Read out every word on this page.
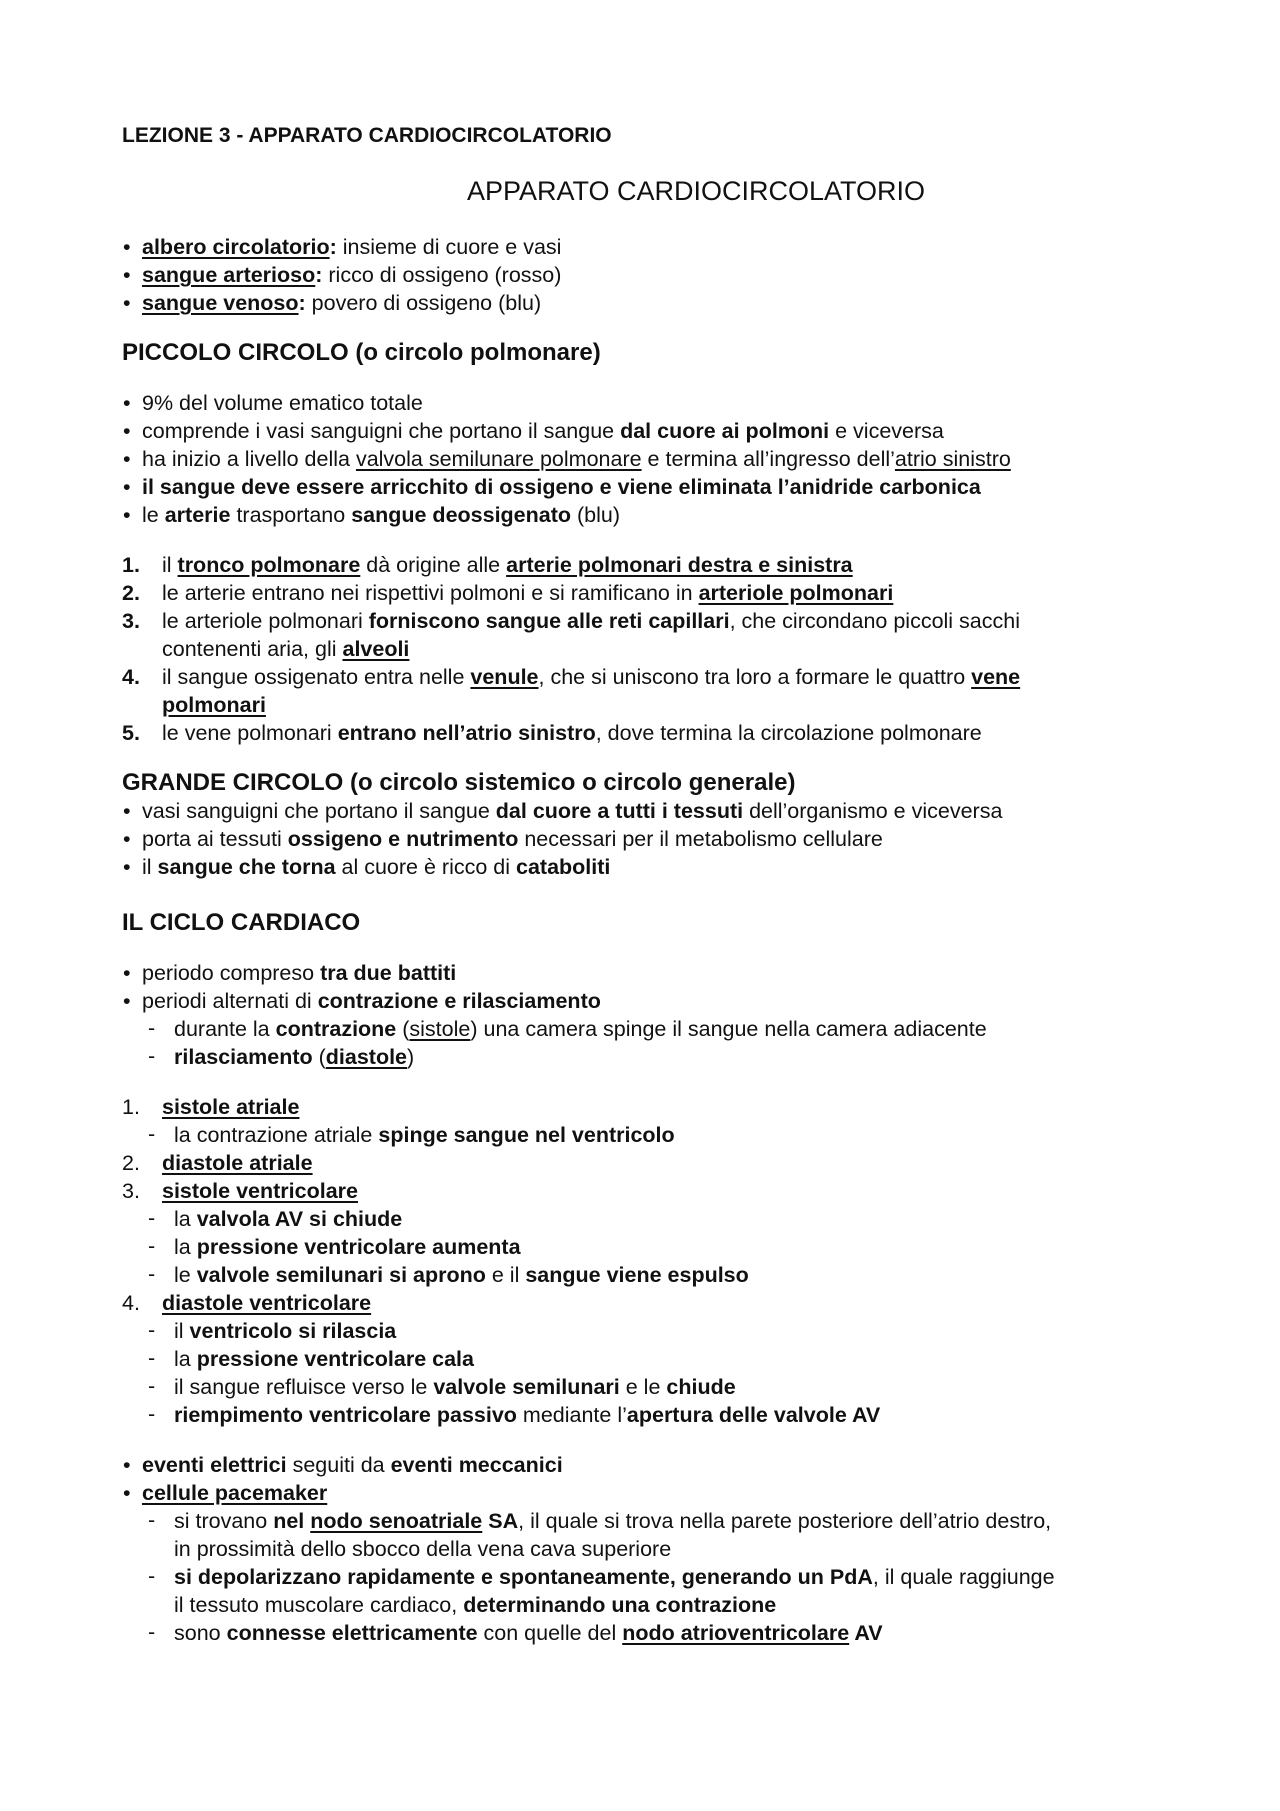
LEZIONE 3 - APPARATO CARDIOCIRCOLATORIO
APPARATO CARDIOCIRCOLATORIO
• albero circolatorio: insieme di cuore e vasi
• sangue arterioso: ricco di ossigeno (rosso)
• sangue venoso: povero di ossigeno (blu)
PICCOLO CIRCOLO (o circolo polmonare)
• 9% del volume ematico totale
• comprende i vasi sanguigni che portano il sangue dal cuore ai polmoni e viceversa
• ha inizio a livello della valvola semilunare polmonare e termina all’ingresso dell’atrio sinistro
• il sangue deve essere arricchito di ossigeno e viene eliminata l’anidride carbonica
• le arterie trasportano sangue deossigenato (blu)
1. il tronco polmonare dà origine alle arterie polmonari destra e sinistra
2. le arterie entrano nei rispettivi polmoni e si ramificano in arteriole polmonari
3. le arteriole polmonari forniscono sangue alle reti capillari, che circondano piccoli sacchi
contenenti aria, gli alveoli
4. il sangue ossigenato entra nelle venule, che si uniscono tra loro a formare le quattro vene
polmonari
5. le vene polmonari entrano nell’atrio sinistro, dove termina la circolazione polmonare
GRANDE CIRCOLO (o circolo sistemico o circolo generale)
• vasi sanguigni che portano il sangue dal cuore a tutti i tessuti dell’organismo e viceversa
• porta ai tessuti ossigeno e nutrimento necessari per il metabolismo cellulare
• il sangue che torna al cuore è ricco di cataboliti
IL CICLO CARDIACO
• periodo compreso tra due battiti
• periodi alternati di contrazione e rilasciamento
- durante la contrazione (sistole) una camera spinge il sangue nella camera adiacente
- rilasciamento (diastole)
1. sistole atriale
- la contrazione atriale spinge sangue nel ventricolo
2. diastole atriale
3. sistole ventricolare
- la valvola AV si chiude
- la pressione ventricolare aumenta
- le valvole semilunari si aprono e il sangue viene espulso
4. diastole ventricolare
- il ventricolo si rilascia
- la pressione ventricolare cala
- il sangue refluisce verso le valvole semilunari e le chiude
- riempimento ventricolare passivo mediante l’apertura delle valvole AV
• eventi elettrici seguiti da eventi meccanici
• cellule pacemaker
- si trovano nel nodo senoatriale SA, il quale si trova nella parete posteriore dell’atrio destro,
in prossimità dello sbocco della vena cava superiore
- si depolarizzano rapidamente e spontaneamente, generando un PdA, il quale raggiunge
il tessuto muscolare cardiaco, determinando una contrazione
- sono connesse elettricamente con quelle del nodo atrioventricolare AV
